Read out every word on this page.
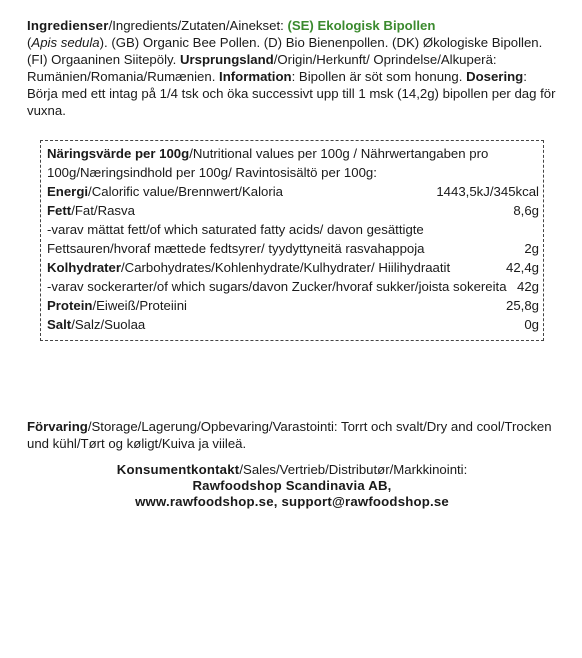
Ingredienser/Ingredients/Zutaten/Ainekset: (SE) Ekologisk Bipollen
(Apis sedula). (GB) Organic Bee Pollen. (D) Bio Bienenpollen. (DK) Økologiske Bipollen. (FI) Orgaaninen Siitepöly. Ursprungsland/Origin/Herkunft/ Oprindelse/Alkuperä: Rumänien/Romania/Rumænien. Information: Bipollen är söt som honung. Dosering: Börja med ett intag på 1/4 tsk och öka successivt upp till 1 msk (14,2g) bipollen per dag för vuxna.
Näringsvärde per 100g/Nutritional values per 100g / Nährwertangaben pro 100g/Næringsindhold per 100g/ Ravintosisältö per 100g:
Energi/Calorific value/Brennwert/Kaloria	1443,5kJ/345kcal
Fett/Fat/Rasva	8,6g
-varav mättat fett/of which saturated fatty acids/ davon gesättigte Fettsauren/hvoraf mættede fedtsyrer/ tyydyttyneitä rasvahappoja	2g
Kolhydrater/Carbohydrates/Kohlenhydrate/Kulhydrater/ Hiilihydraatit	42,4g
-varav sockerarter/of which sugars/davon Zucker/hvoraf sukker/joista sokereita 42g
Protein/Eiweiß/Proteiini	25,8g
Salt/Salz/Suolaa	0g
Förvaring/Storage/Lagerung/Opbevaring/Varastointi: Torrt och svalt/Dry and cool/Trocken und kühl/Tørt og køligt/Kuiva ja viileä.
Konsumentkontakt/Sales/Vertrieb/Distributør/Markkinointi:
Rawfoodshop Scandinavia AB,
www.rawfoodshop.se, support@rawfoodshop.se
